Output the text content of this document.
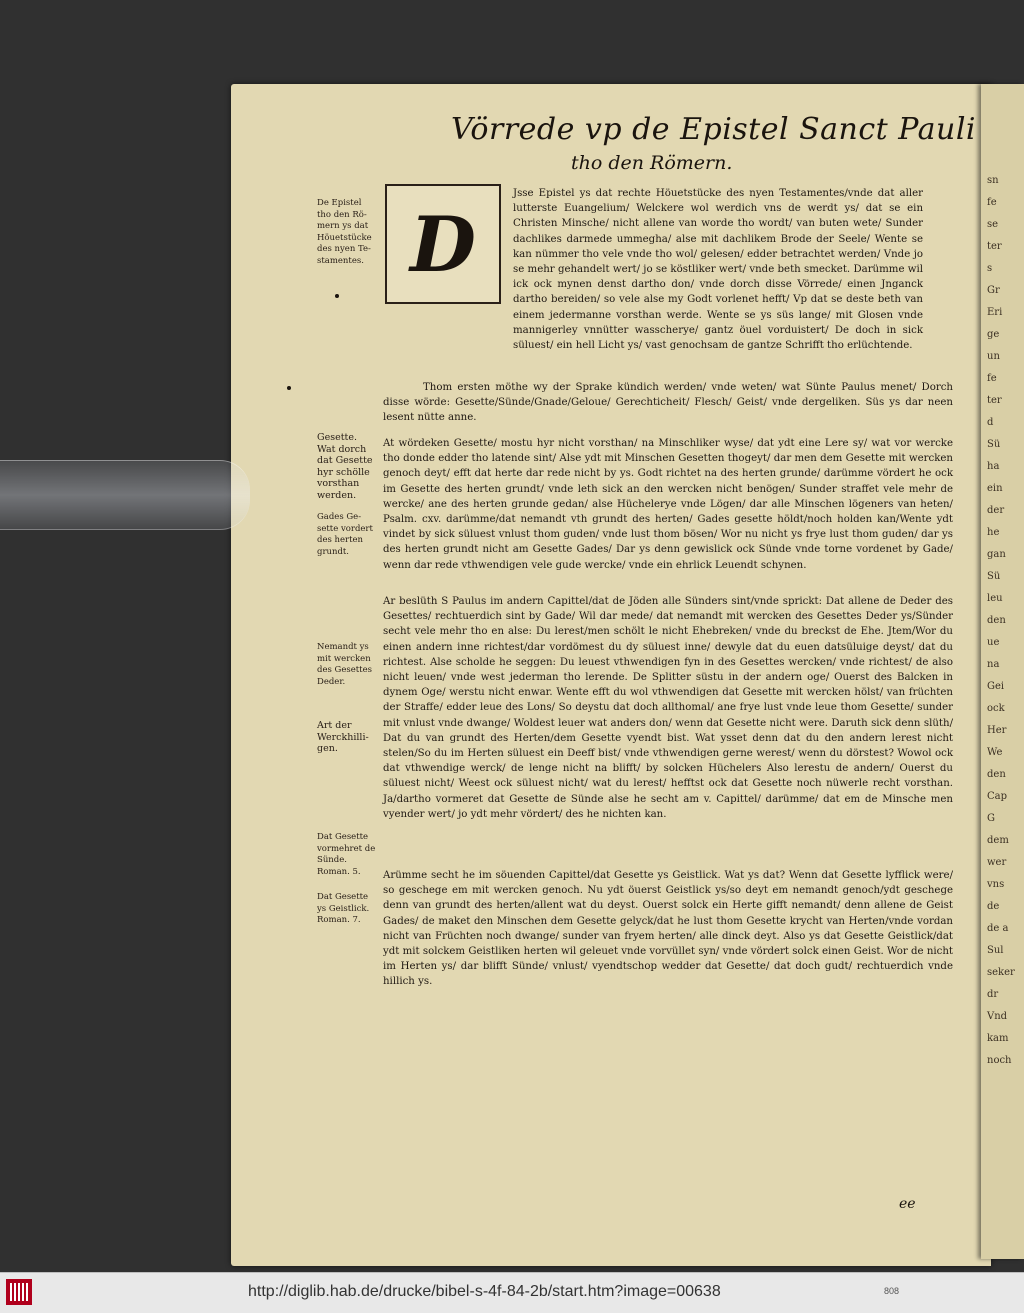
Vörrede vp de Epistel Sanct Pauli
tho den Römern.
D
De Epistel
tho den Rö-
mern ys dat
Höuetstücke
des nyen Te-
stamentes.
Gesette.
Wat dorch
dat Gesette
hyr schölle
vorsthan
werden.
Gades Ge-
sette vordert
des herten
grundt.
Nemandt ys
mit wercken
des Gesettes
Deder.
Art der
Werckhilli-
gen.
Dat Gesette
vormehret de
Sünde.
Roman. 5.
Dat Gesette
ys Geistlick.
Roman. 7.
Jsse Epistel ys dat rechte Höuetstücke des nyen Testamentes/vnde dat aller lutterste Euangelium/ Welckere wol werdich vns de werdt ys/ dat se ein Christen Minsche/ nicht allene van worde tho wordt/ van buten wete/ Sunder dachlikes darmede ummegha/ alse mit dachlikem Brode der Seele/ Wente se kan nümmer tho vele vnde tho wol/ gelesen/ edder betrachtet werden/ Vnde jo se mehr gehandelt wert/ jo se köstliker wert/ vnde beth smecket. Darümme wil ick ock mynen denst dartho don/ vnde dorch disse Vörrede/ einen Jnganck dartho bereiden/ so vele alse my Godt vorlenet hefft/ Vp dat se deste beth van einem jedermanne vorsthan werde. Wente se ys süs lange/ mit Glosen vnde mannigerley vnnütter wasscherye/ gantz öuel vorduistert/ De doch in sick süluest/ ein hell Licht ys/ vast genochsam de gantze Schrifft tho erlüchtende.
Thom ersten möthe wy der Sprake kündich werden/ vnde weten/ wat Sünte Paulus menet/ Dorch disse wörde: Gesette/Sünde/Gnade/Geloue/ Gerechticheit/ Flesch/ Geist/ vnde dergeliken. Süs ys dar neen lesent nütte anne.
At wördeken Gesette/ mostu hyr nicht vorsthan/ na Minschliker wyse/ dat ydt eine Lere sy/ wat vor wercke tho donde edder tho latende sint/ Alse ydt mit Minschen Gesetten thogeyt/ dar men dem Gesette mit wercken genoch deyt/ efft dat herte dar rede nicht by ys. Godt richtet na des herten grunde/ darümme vördert he ock im Gesette des herten grundt/ vnde leth sick an den wercken nicht benögen/ Sunder straffet vele mehr de wercke/ ane des herten grunde gedan/ alse Hüchelerye vnde Lögen/ dar alle Minschen lögeners van heten/ Psalm. cxv. darümme/dat nemandt vth grundt des herten/ Gades gesette höldt/noch holden kan/Wente ydt vindet by sick süluest vnlust thom guden/ vnde lust thom bösen/ Wor nu nicht ys frye lust thom guden/ dar ys des herten grundt nicht am Gesette Gades/ Dar ys denn gewislick ock Sünde vnde torne vordenet by Gade/ wenn dar rede vthwendigen vele gude wercke/ vnde ein ehrlick Leuendt schynen.
Ar beslüth S Paulus im andern Capittel/dat de Jöden alle Sünders sint/vnde sprickt: Dat allene de Deder des Gesettes/ rechtuerdich sint by Gade/ Wil dar mede/ dat nemandt mit wercken des Gesettes Deder ys/Sünder secht vele mehr tho en alse: Du lerest/men schölt le nicht Ehebreken/ vnde du breckst de Ehe. Jtem/Wor du einen andern inne richtest/dar vordömest du dy süluest inne/ dewyle dat du euen datsüluige deyst/ dat du richtest. Alse scholde he seggen: Du leuest vthwendigen fyn in des Gesettes wercken/ vnde richtest/ de also nicht leuen/ vnde west jederman tho lerende. De Splitter süstu in der andern oge/ Ouerst des Balcken in dynem Oge/ werstu nicht enwar. Wente efft du wol vthwendigen dat Gesette mit wercken hölst/ van früchten der Straffe/ edder leue des Lons/ So deystu dat doch allthomal/ ane frye lust vnde leue thom Gesette/ sunder mit vnlust vnde dwange/ Woldest leuer wat anders don/ wenn dat Gesette nicht were. Daruth sick denn slüth/ Dat du van grundt des Herten/dem Gesette vyendt bist. Wat ysset denn dat du den andern lerest nicht stelen/So du im Herten süluest ein Deeff bist/ vnde vthwendigen gerne werest/ wenn du dörstest? Wowol ock dat vthwendige werck/ de lenge nicht na blifft/ by solcken Hüchelers Also lerestu de andern/ Ouerst du süluest nicht/ Weest ock süluest nicht/ wat du lerest/ hefftst ock dat Gesette noch nüwerle recht vorsthan. Ja/dartho vormeret dat Gesette de Sünde alse he secht am v. Capittel/ darümme/ dat em de Minsche men vyender wert/ jo ydt mehr vördert/ des he nichten kan.
Arümme secht he im söuenden Capittel/dat Gesette ys Geistlick. Wat ys dat? Wenn dat Gesette lyfflick were/ so geschege em mit wercken genoch. Nu ydt öuerst Geistlick ys/so deyt em nemandt genoch/ydt geschege denn van grundt des herten/allent wat du deyst. Ouerst solck ein Herte gifft nemandt/ denn allene de Geist Gades/ de maket den Minschen dem Gesette gelyck/dat he lust thom Gesette krycht van Herten/vnde vordan nicht van Früchten noch dwange/ sunder van fryem herten/ alle dinck deyt. Also ys dat Gesette Geistlick/dat ydt mit solckem Geistliken herten wil geleuet vnde vorvüllet syn/ vnde vördert solck einen Geist. Wor de nicht im Herten ys/ dar blifft Sünde/ vnlust/ vyendtschop wedder dat Gesette/ dat doch gudt/ rechtuerdich vnde hillich ys.
ee
sn
fe
se
ter
s
Gr
Eri
ge
un
fe
ter
d
Sü
ha
ein
der
he
gan
Sü
leu
den
ue
na
Gei
ock
Her
We
den
Cap
G
dem
wer
vns
de
de a
Sul
seker
dr
Vnd
kam
noch
http://diglib.hab.de/drucke/bibel-s-4f-84-2b/start.htm?image=00638	808
